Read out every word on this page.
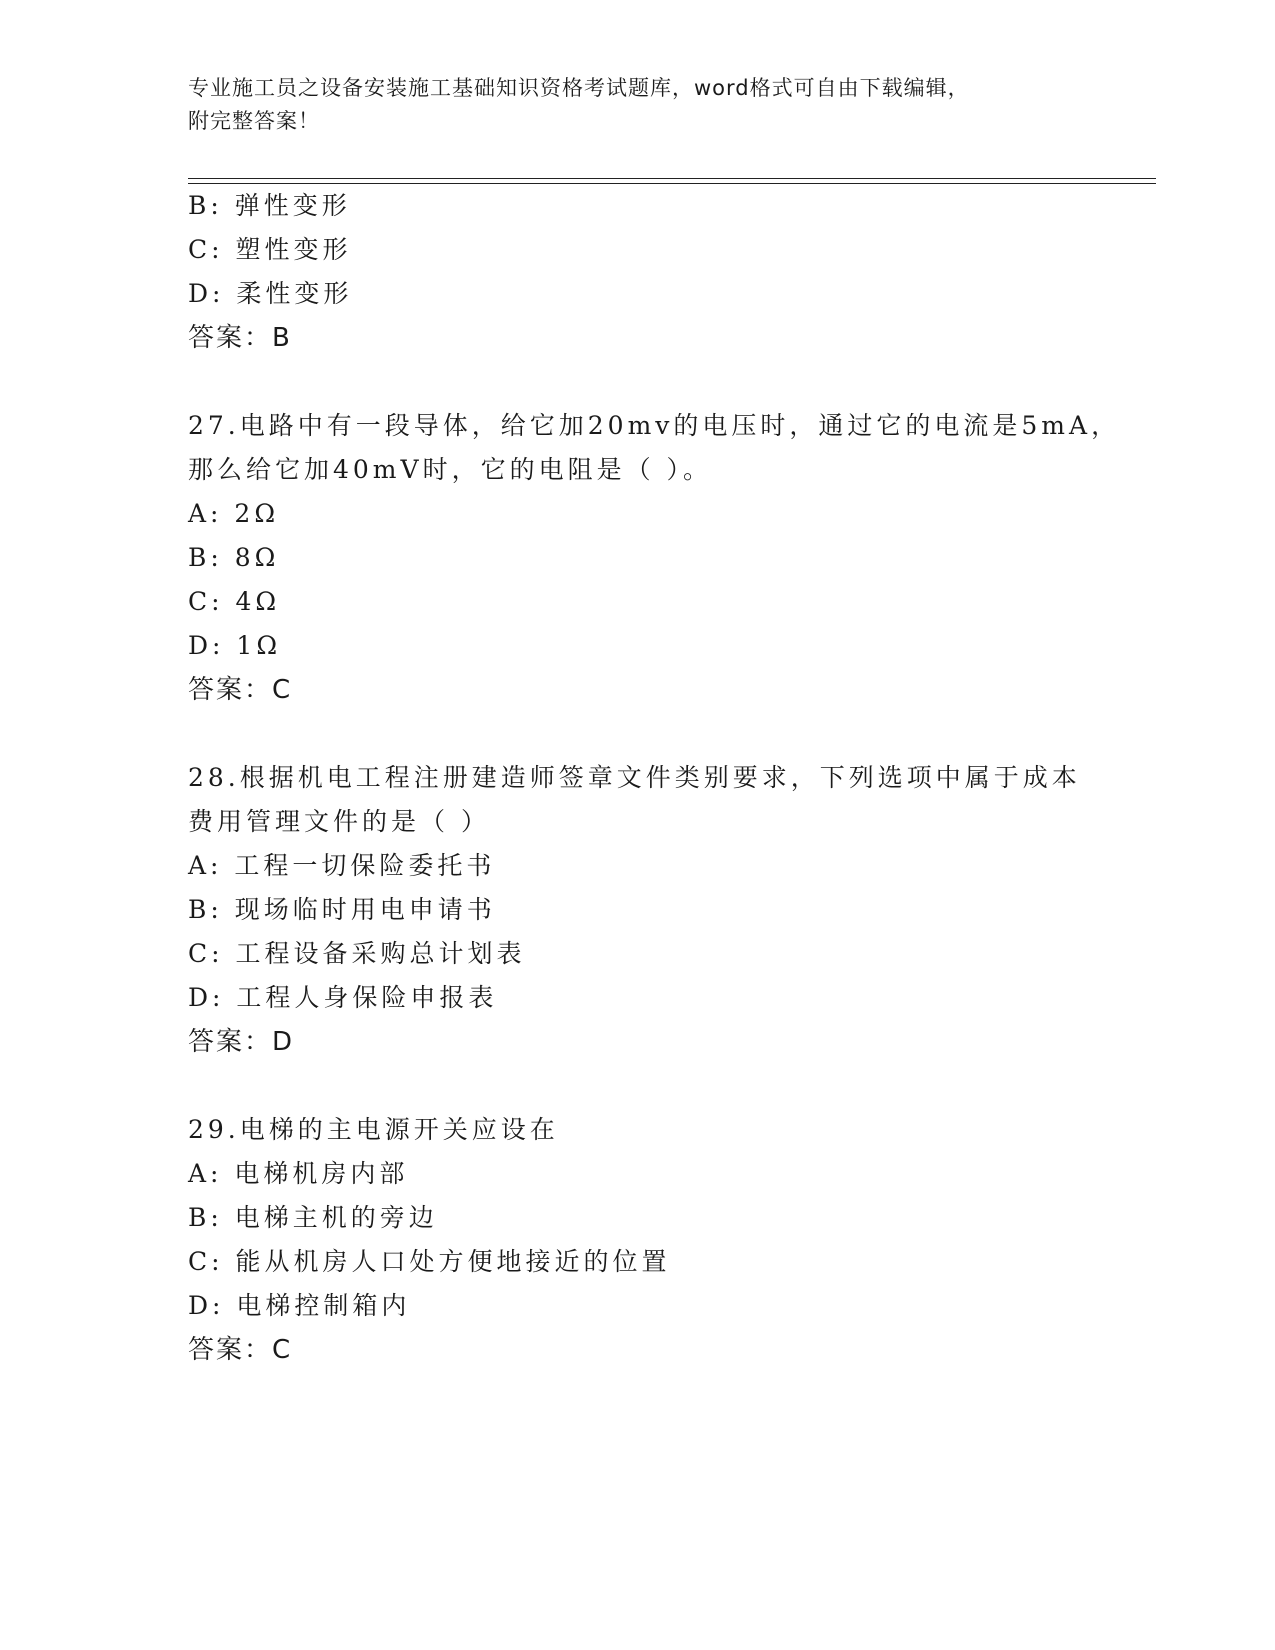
专业施工员之设备安装施工基础知识资格考试题库，word格式可自由下载编辑，
附完整答案！
B: 弹性变形
C: 塑性变形
D: 柔性变形
答案：B
27.电路中有一段导体，给它加20mv的电压时，通过它的电流是5mA，
那么给它加40mV时，它的电阻是（ ）。
A: 2Ω
B: 8Ω
C: 4Ω
D: 1Ω
答案：C
28.根据机电工程注册建造师签章文件类别要求，下列选项中属于成本
费用管理文件的是（ ）
A: 工程一切保险委托书
B: 现场临时用电申请书
C: 工程设备采购总计划表
D: 工程人身保险申报表
答案：D
29.电梯的主电源开关应设在
A: 电梯机房内部
B: 电梯主机的旁边
C: 能从机房人口处方便地接近的位置
D: 电梯控制箱内
答案：C
